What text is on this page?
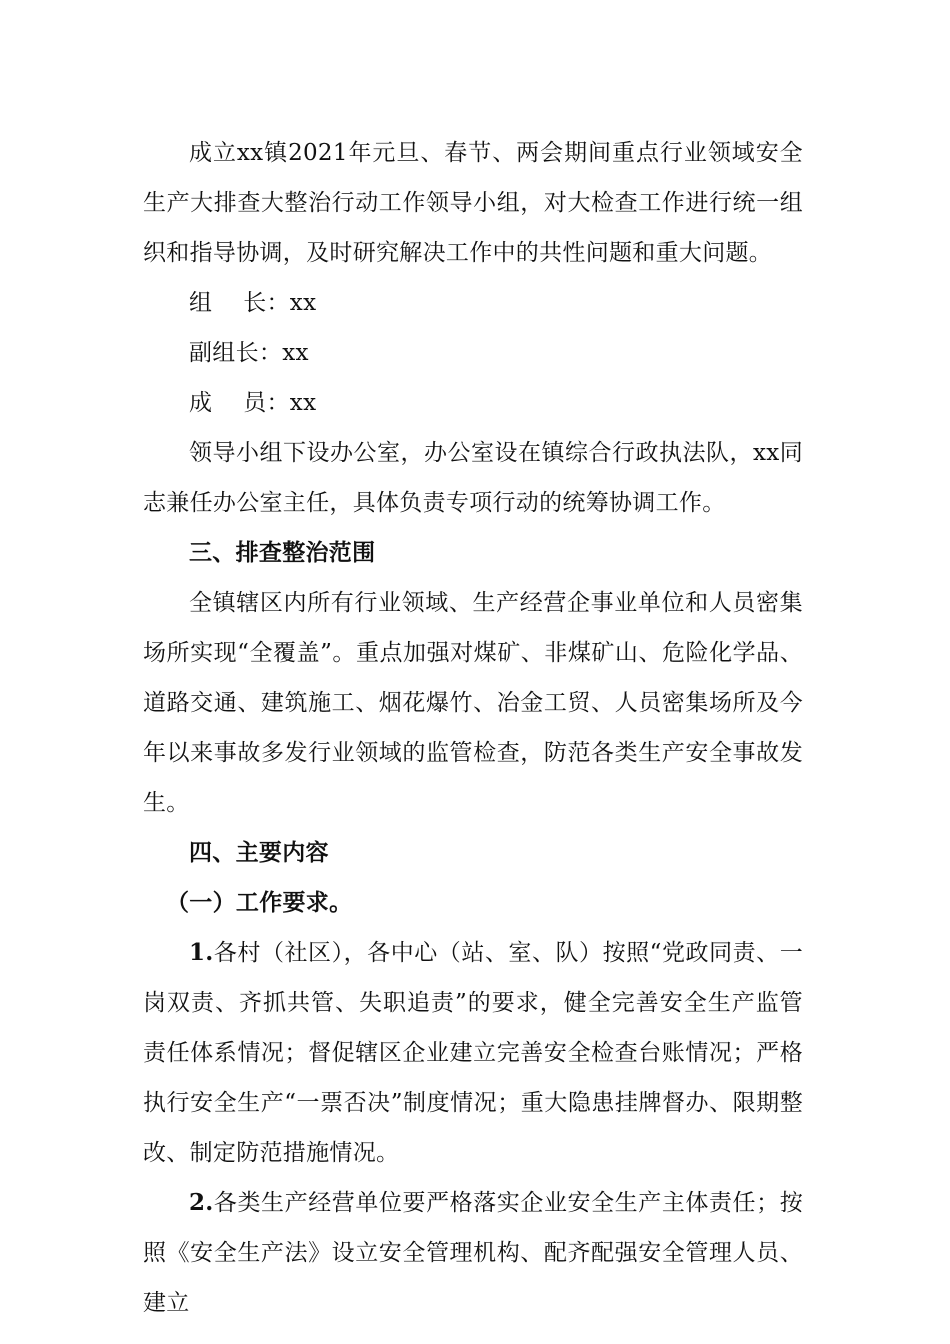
成立xx镇2021年元旦、春节、两会期间重点行业领域安全生产大排查大整治行动工作领导小组，对大检查工作进行统一组织和指导协调，及时研究解决工作中的共性问题和重大问题。

组　 长：xx

副组长：xx

成　 员：xx

领导小组下设办公室，办公室设在镇综合行政执法队，xx同志兼任办公室主任，具体负责专项行动的统筹协调工作。

三、排查整治范围

全镇辖区内所有行业领域、生产经营企事业单位和人员密集场所实现“全覆盖”。重点加强对煤矿、非煤矿山、危险化学品、道路交通、建筑施工、烟花爆竹、冶金工贸、人员密集场所及今年以来事故多发行业领域的监管检查，防范各类生产安全事故发生。

四、主要内容

（一）工作要求。

1.各村（社区），各中心（站、室、队）按照“党政同责、一岗双责、齐抓共管、失职追责”的要求，健全完善安全生产监管责任体系情况；督促辖区企业建立完善安全检查台账情况；严格执行安全生产“一票否决”制度情况；重大隐患挂牌督办、限期整改、制定防范措施情况。

2.各类生产经营单位要严格落实企业安全生产主体责任；按照《安全生产法》设立安全管理机构、配齐配强安全管理人员、建立
